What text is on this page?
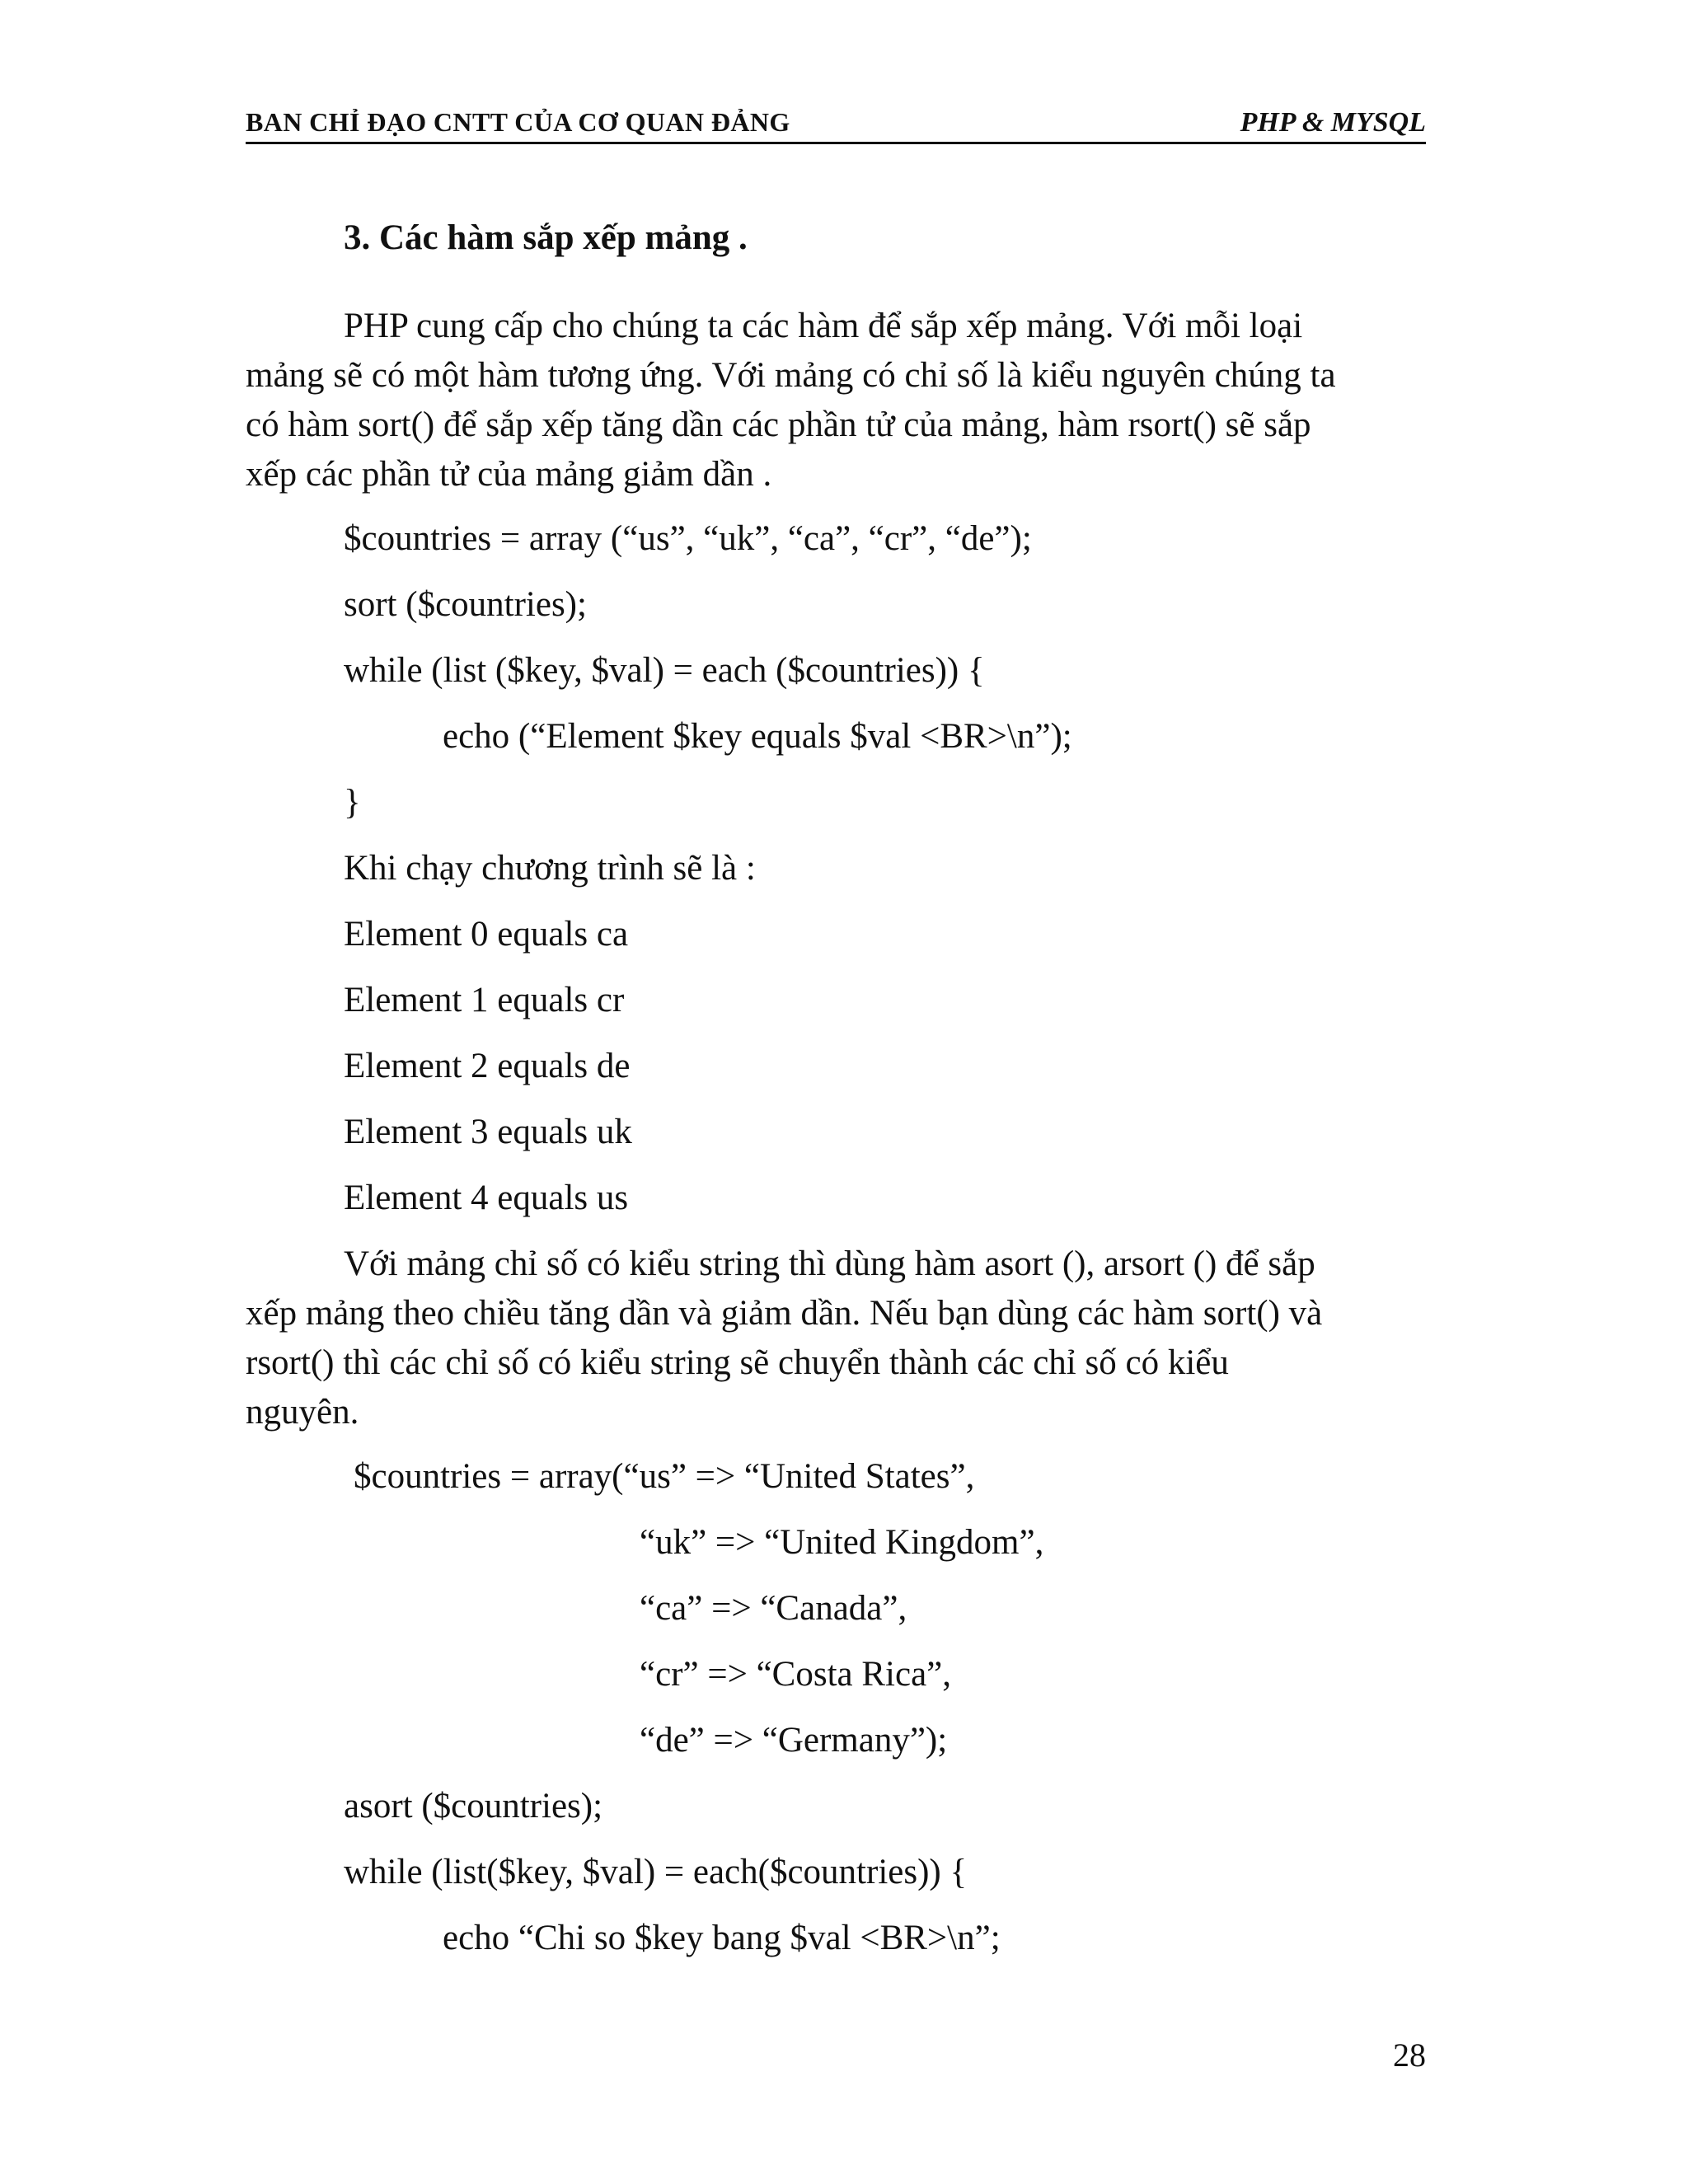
BAN CHỈ ĐẠO CNTT CỦA CƠ QUAN ĐẢNG	PHP & MYSQL
3. Các hàm sắp xếp mảng .
PHP cung cấp cho chúng ta các hàm để sắp xếp mảng. Với mỗi loại
mảng sẽ có một hàm tương ứng. Với mảng có chỉ số là kiểu nguyên chúng ta
có hàm sort() để sắp xếp tăng dần các phần tử của mảng, hàm rsort() sẽ sắp
xếp các phần tử của mảng giảm dần .
$countries = array (“us”, “uk”, “ca”, “cr”, “de”);
sort ($countries);
while (list ($key, $val) = each ($countries)) {
echo (“Element $key equals $val <BR>\n”);
}
Khi chạy chương trình sẽ là :
Element 0 equals ca
Element 1 equals cr
Element 2 equals de
Element 3 equals uk
Element 4 equals us
Với mảng chỉ số có kiểu string thì dùng hàm asort (), arsort () để sắp
xếp mảng theo chiều tăng dần và giảm dần. Nếu bạn dùng các hàm sort() và
rsort() thì các chỉ số có kiểu string sẽ chuyển thành các chỉ số có kiểu
nguyên.
$countries = array(“us” => “United States”,
“uk” => “United Kingdom”,
“ca” => “Canada”,
“cr” => “Costa Rica”,
“de” => “Germany”);
asort ($countries);
while (list($key, $val) = each($countries)) {
echo “Chi so $key bang $val <BR>\n”;
28
